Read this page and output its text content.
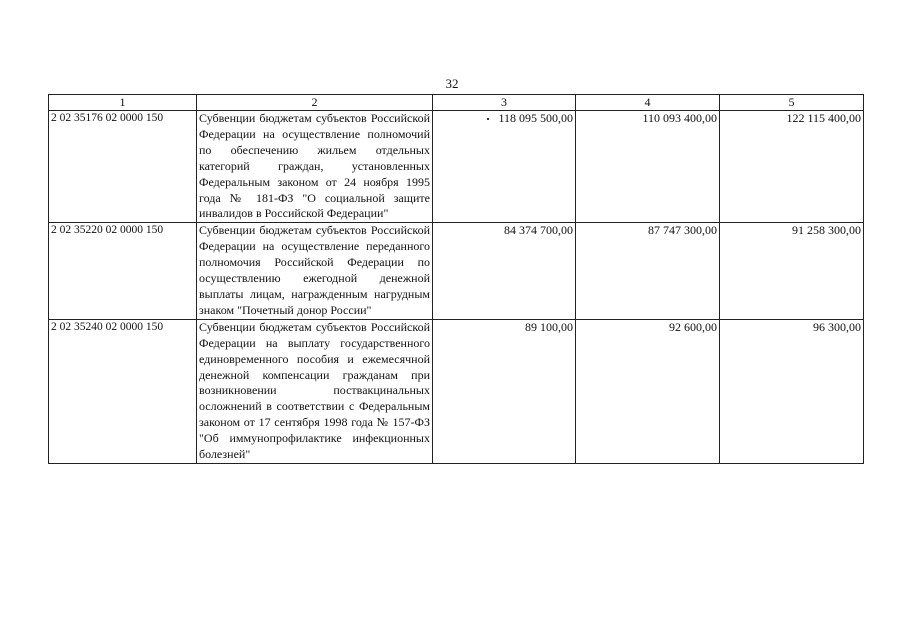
32
1	2	3	4	5
2 02 35176 02 0000 150	Субвенции бюджетам субъектов Российской Федерации на осуществление полномочий по обеспечению жильем отдельных категорий граждан, установленных Федеральным законом от 24 ноября 1995 года № 181-ФЗ "О социальной защите инвалидов в Российской Федерации"	118 095 500,00	110 093 400,00	122 115 400,00
2 02 35220 02 0000 150	Субвенции бюджетам субъектов Российской Федерации на осуществление переданного полномочия Российской Федерации по осуществлению ежегодной денежной выплаты лицам, награжденным нагрудным знаком "Почетный донор России"	84 374 700,00	87 747 300,00	91 258 300,00
2 02 35240 02 0000 150	Субвенции бюджетам субъектов Российской Федерации на выплату государственного единовременного пособия и ежемесячной денежной компенсации гражданам при возникновении поствакцинальных осложнений в соответствии с Федеральным законом от 17 сентября 1998 года № 157-ФЗ "Об иммунопрофилактике инфекционных болезней"	89 100,00	92 600,00	96 300,00
